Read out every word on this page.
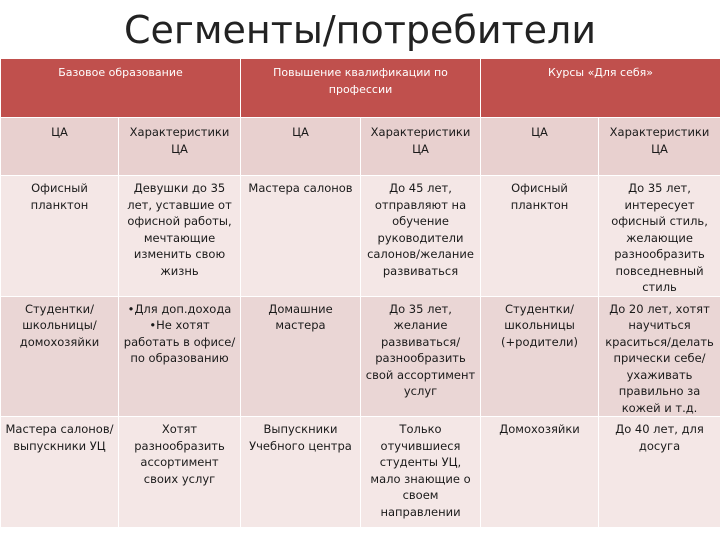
Сегменты/потребители
Базовое образование		Повышение квалификации по профессии		Курсы «Для себя»	
ЦА	Характеристики ЦА	ЦА	Характеристики ЦА	ЦА	Характеристики ЦА
Офисный планктон	Девушки до 35 лет, уставшие от офисной работы, мечтающие изменить свою жизнь	Мастера салонов	До 45 лет, отправляют на обучение руководители салонов/желание развиваться	Офисный планктон	До 35 лет, интересует офисный стиль, желающие разнообразить повседневный стиль
Студентки/школьницы/домохозяйки	•Для доп.дохода •Не хотят работать в офисе/по образованию	Домашние мастера	До 35 лет, желание развиваться/разнообразить свой ассортимент услуг	Студентки/школьницы (+родители)	До 20 лет, хотят научиться краситься/делать прически себе/ухаживать правильно за кожей и т.д.
Мастера салонов/выпускники УЦ	Хотят разнообразить ассортимент своих услуг	Выпускники Учебного центра	Только отучившиеся студенты УЦ, мало знающие о своем направлении	Домохозяйки	До 40 лет, для досуга
